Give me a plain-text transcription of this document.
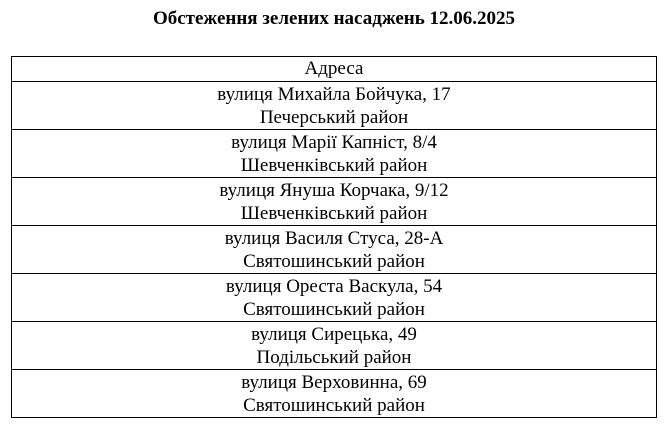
Обстеження зелених насаджень 12.06.2025
Адреса

вулиця Михайла Бойчука, 17
Печерський район

вулиця Марії Капніст, 8/4
Шевченківський район

вулиця Януша Корчака, 9/12
Шевченківський район

вулиця Василя Стуса, 28-А
Святошинський район

вулиця Ореста Васкула, 54
Святошинський район

вулиця Сирецька, 49
Подільський район

вулиця Верховинна, 69
Святошинський район
